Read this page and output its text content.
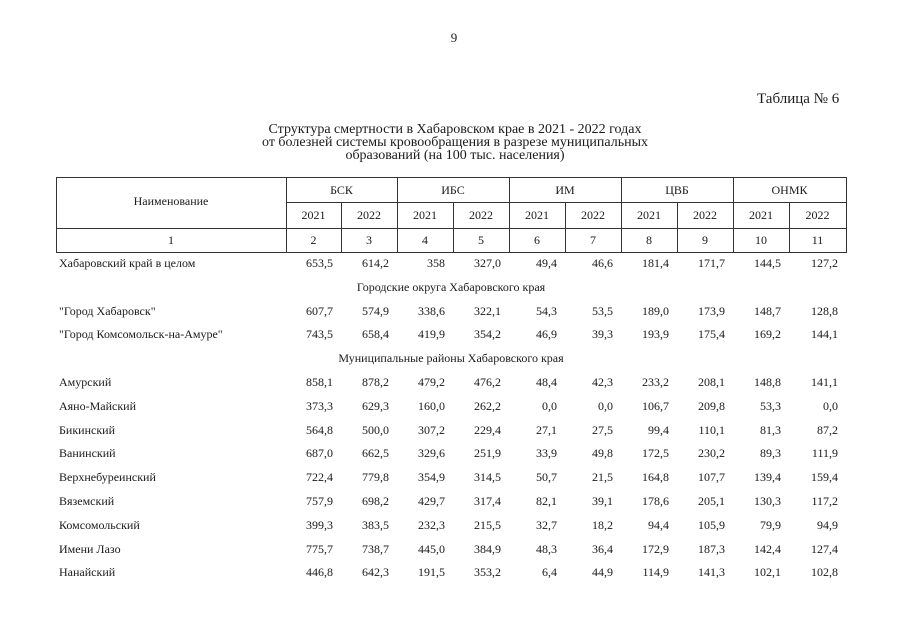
9
Таблица № 6
Структура смертности в Хабаровском крае в 2021 - 2022 годах
от болезней системы кровообращения в разрезе муниципальных
образований (на 100 тыс. населения)
Наименование
БСК	ИБС	ИМ	ЦВБ	ОНМК
2021	2022	2021	2022	2021	2022	2021	2022	2021	2022
1	2	3	4	5	6	7	8	9	10	11
Хабаровский край в целом	653,5	614,2	358	327,0	49,4	46,6	181,4	171,7	144,5	127,2
Городские округа Хабаровского края
"Город Хабаровск"	607,7	574,9	338,6	322,1	54,3	53,5	189,0	173,9	148,7	128,8
"Город Комсомольск-на-Амуре"	743,5	658,4	419,9	354,2	46,9	39,3	193,9	175,4	169,2	144,1
Муниципальные районы Хабаровского края
Амурский	858,1	878,2	479,2	476,2	48,4	42,3	233,2	208,1	148,8	141,1
Аяно-Майский	373,3	629,3	160,0	262,2	0,0	0,0	106,7	209,8	53,3	0,0
Бикинский	564,8	500,0	307,2	229,4	27,1	27,5	99,4	110,1	81,3	87,2
Ванинский	687,0	662,5	329,6	251,9	33,9	49,8	172,5	230,2	89,3	111,9
Верхнебуреинский	722,4	779,8	354,9	314,5	50,7	21,5	164,8	107,7	139,4	159,4
Вяземский	757,9	698,2	429,7	317,4	82,1	39,1	178,6	205,1	130,3	117,2
Комсомольский	399,3	383,5	232,3	215,5	32,7	18,2	94,4	105,9	79,9	94,9
Имени Лазо	775,7	738,7	445,0	384,9	48,3	36,4	172,9	187,3	142,4	127,4
Нанайский	446,8	642,3	191,5	353,2	6,4	44,9	114,9	141,3	102,1	102,8
